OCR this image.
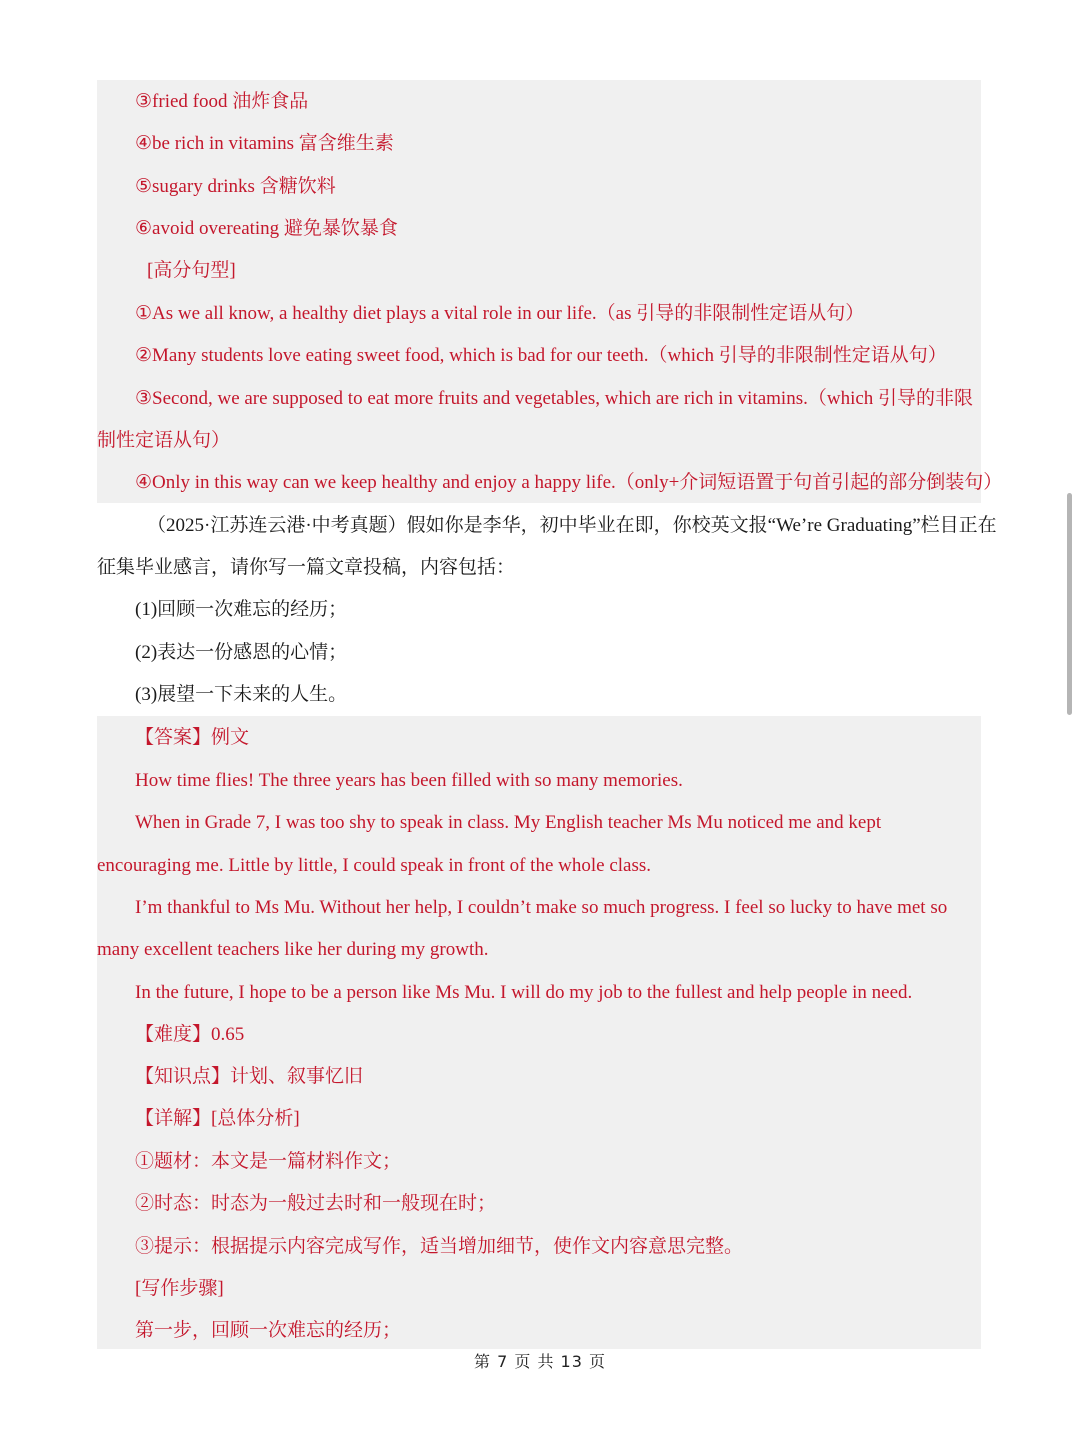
③fried food 油炸食品
④be rich in vitamins 富含维生素
⑤sugary drinks 含糖饮料
⑥avoid overeating 避免暴饮暴食
[高分句型]
①As we all know, a healthy diet plays a vital role in our life.（as 引导的非限制性定语从句）
②Many students love eating sweet food, which is bad for our teeth.（which 引导的非限制性定语从句）
③Second, we are supposed to eat more fruits and vegetables, which are rich in vitamins.（which 引导的非限
制性定语从句）
④Only in this way can we keep healthy and enjoy a happy life.（only+介词短语置于句首引起的部分倒装句）
（2025·江苏连云港·中考真题）假如你是李华，初中毕业在即，你校英文报“We’re Graduating”栏目正在
征集毕业感言，请你写一篇文章投稿，内容包括：
(1)回顾一次难忘的经历；
(2)表达一份感恩的心情；
(3)展望一下未来的人生。
【答案】例文
How time flies! The three years has been filled with so many memories.
When in Grade 7, I was too shy to speak in class. My English teacher Ms Mu noticed me and kept
encouraging me. Little by little, I could speak in front of the whole class.
I’m thankful to Ms Mu. Without her help, I couldn’t make so much progress. I feel so lucky to have met so
many excellent teachers like her during my growth.
In the future, I hope to be a person like Ms Mu. I will do my job to the fullest and help people in need.
【难度】0.65
【知识点】计划、叙事忆旧
【详解】[总体分析]
①题材：本文是一篇材料作文；
②时态：时态为一般过去时和一般现在时；
③提示：根据提示内容完成写作，适当增加细节，使作文内容意思完整。
[写作步骤]
第一步，回顾一次难忘的经历；
第 7 页 共 13 页
